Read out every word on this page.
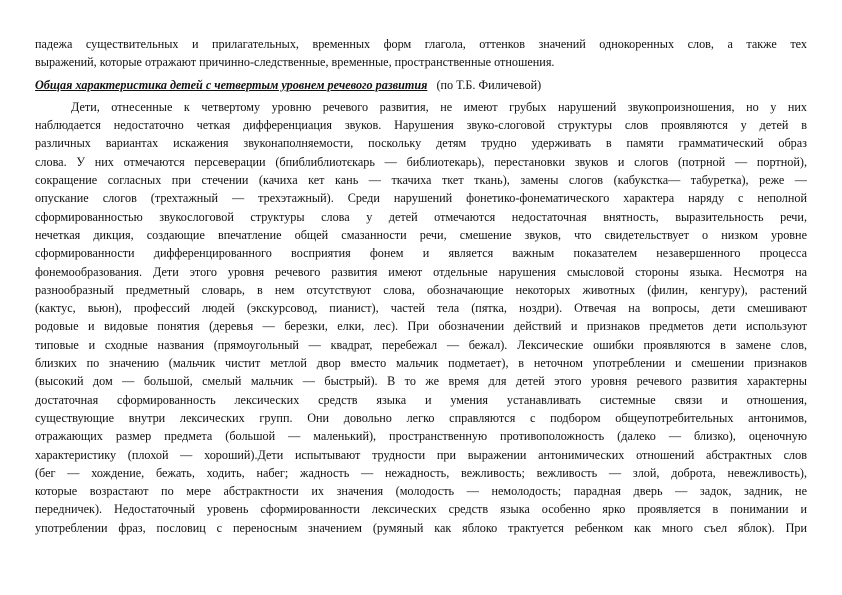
падежа существительных и прилагательных, временных форм глагола, оттенков значений однокоренных слов, а также тех
выражений, которые отражают причинно-следственные, временные, пространственные отношения.
Общая характеристика детей с четвертым уровнем речевого развития (по Т.Б. Филичевой)
Дети, отнесенные к четвертому уровню речевого развития, не имеют грубых нарушений звукопроизношения, но у них
наблюдается недостаточно четкая дифференциация звуков. Нарушения звуко-слоговой структуры слов проявляются у детей в
различных вариантах искажения звуконаполняемости, поскольку детям трудно удерживать в памяти грамматический образ
слова. У них отмечаются персеверации (бпиблиблиотєкарь — библиотекарь), перестановки звуков и слогов (потрной — портной),
сокращение согласных при стечении (качиха кет кань — ткачиха ткет ткань), замены слогов (кабукстка— табуретка), реже —
опускание слогов (трехтажный — трехэтажный). Среди нарушений фонетико-фонематического характера наряду с неполной
сформированностью звукослоговой структуры слова у детей отмечаются недостаточная внятность, выразительность речи,
нечеткая дикция, создающие впечатление общей смазанности речи, смешение звуков, что свидетельствует о низком уровне
сформированности дифференцированного восприятия фонем и является важным показателем незавершенного процесса
фонемообразования. Дети этого уровня речевого развития имеют отдельные нарушения смысловой стороны языка. Несмотря на
разнообразный предметный словарь, в нем отсутствуют слова, обозначающие некоторых животных (филин, кенгуру), растений
(кактус, вьюн), профессий людей (экскурсовод, пианист), частей тела (пятка, ноздри). Отвечая на вопросы, дети смешивают
родовые и видовые понятия (деревья — березки, елки, лес). При обозначении действий и признаков предметов дети используют
типовые и сходные названия (прямоугольный — квадрат, перебежал — бежал). Лексические ошибки проявляются в замене слов,
близких по значению (мальчик чистит метлой двор вместо мальчик подметает), в неточном употреблении и смешении признаков
(высокий дом — большой, смелый мальчик — быстрый). В то же время для детей этого уровня речевого развития характерны
достаточная сформированность лексических средств языка и умения устанавливать системные связи и отношения,
существующие внутри лексических групп. Они довольно легко справляются с подбором общеупотребительных антонимов,
отражающих размер предмета (большой — маленький), пространственную противоположность (далеко — близко), оценочную
характеристику (плохой — хороший).Дети испытывают трудности при выражении антонимических отношений абстрактных слов
(бег — хождение, бежать, ходить, набег; жадность — нежадность, вежливость; вежливость — злой, доброта, невежливость),
которые возрастают по мере абстрактности их значения (молодость — немолодость; парадная дверь — задок, задник, не
передничек). Недостаточный уровень сформированности лексических средств языка особенно ярко проявляется в понимании и
употреблении фраз, пословиц с переносным значением (румяный как яблоко трактуется ребенком как много съел яблок). При
